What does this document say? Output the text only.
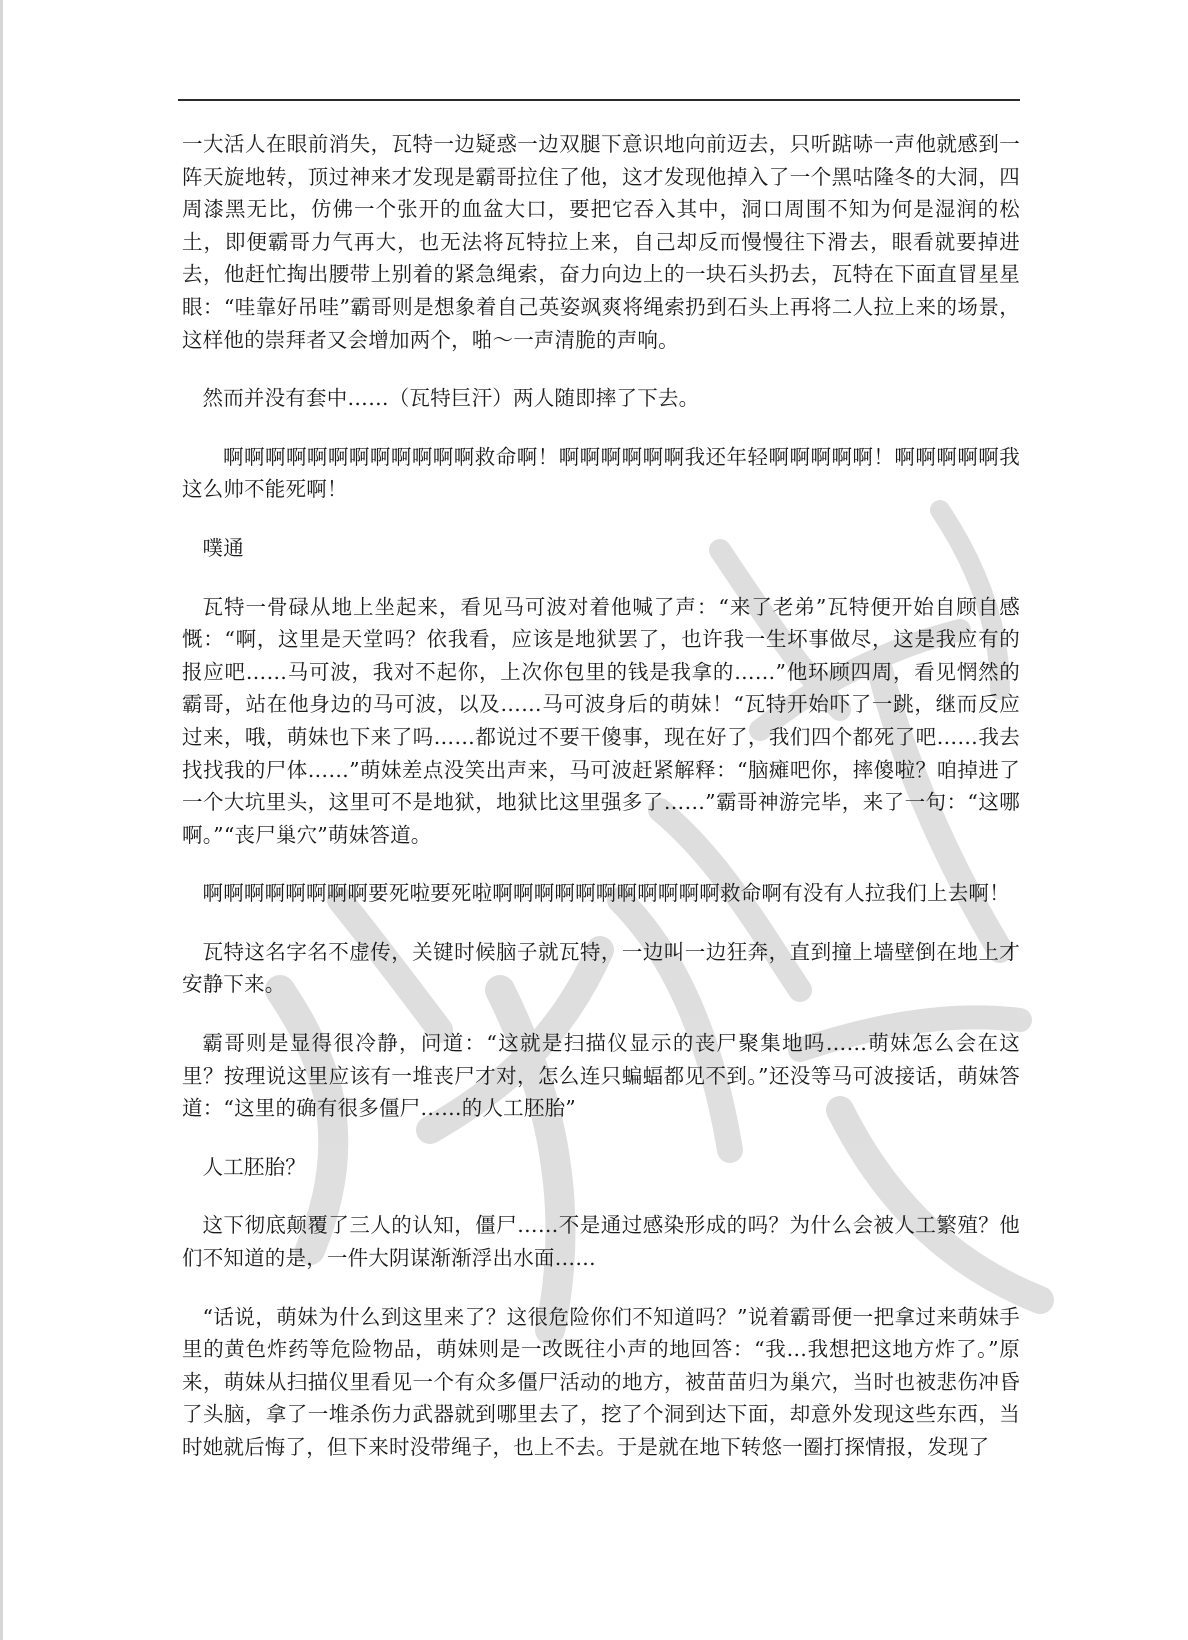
一大活人在眼前消失，瓦特一边疑惑一边双腿下意识地向前迈去，只听踮哧一声他就感到一阵天旋地转，顶过神来才发现是霸哥拉住了他，这才发现他掉入了一个黑咕隆冬的大洞，四周漆黑无比，仿佛一个张开的血盆大口，要把它吞入其中，洞口周围不知为何是湿润的松土，即便霸哥力气再大，也无法将瓦特拉上来，自己却反而慢慢往下滑去，眼看就要掉进去，他赶忙掏出腰带上别着的紧急绳索，奋力向边上的一块石头扔去，瓦特在下面直冒星星眼：“哇靠好吊哇”霸哥则是想象着自己英姿飒爽将绳索扔到石头上再将二人拉上来的场景，这样他的崇拜者又会增加两个，啪～一声清脆的声响。

然而并没有套中……（瓦特巨汗）两人随即摔了下去。

啊啊啊啊啊啊啊啊啊啊啊啊救命啊！啊啊啊啊啊啊我还年轻啊啊啊啊啊！啊啊啊啊啊我这么帅不能死啊！

噗通

瓦特一骨碌从地上坐起来，看见马可波对着他喊了声：“来了老弟”瓦特便开始自顾自感慨：“啊，这里是天堂吗？依我看，应该是地狱罢了，也许我一生坏事做尽，这是我应有的报应吧……马可波，我对不起你，上次你包里的钱是我拿的……”他环顾四周，看见惘然的霸哥，站在他身边的马可波，以及……马可波身后的萌妹！“瓦特开始吓了一跳，继而反应过来，哦，萌妹也下来了吗……都说过不要干傻事，现在好了，我们四个都死了吧……我去找找我的尸体……”萌妹差点没笑出声来，马可波赶紧解释：“脑瘫吧你，摔傻啦？咱掉进了一个大坑里头，这里可不是地狱，地狱比这里强多了……”霸哥神游完毕，来了一句：“这哪啊。”“丧尸巢穴”萌妹答道。

啊啊啊啊啊啊啊啊要死啦要死啦啊啊啊啊啊啊啊啊啊啊啊救命啊有没有人拉我们上去啊！

瓦特这名字名不虚传，关键时候脑子就瓦特，一边叫一边狂奔，直到撞上墙壁倒在地上才安静下来。

霸哥则是显得很冷静，问道：“这就是扫描仪显示的丧尸聚集地吗……萌妹怎么会在这里？按理说这里应该有一堆丧尸才对，怎么连只蝙蝠都见不到。”还没等马可波接话，萌妹答道：“这里的确有很多僵尸……的人工胚胎”

人工胚胎？

这下彻底颠覆了三人的认知，僵尸……不是通过感染形成的吗？为什么会被人工繁殖？他们不知道的是，一件大阴谋渐渐浮出水面……

“话说，萌妹为什么到这里来了？这很危险你们不知道吗？”说着霸哥便一把拿过来萌妹手里的黄色炸药等危险物品，萌妹则是一改既往小声的地回答：“我…我想把这地方炸了。”原来，萌妹从扫描仪里看见一个有众多僵尸活动的地方，被苗苗归为巢穴，当时也被悲伤冲昏了头脑，拿了一堆杀伤力武器就到哪里去了，挖了个洞到达下面，却意外发现这些东西，当时她就后悔了，但下来时没带绳子，也上不去。于是就在地下转悠一圈打探情报，发现了
